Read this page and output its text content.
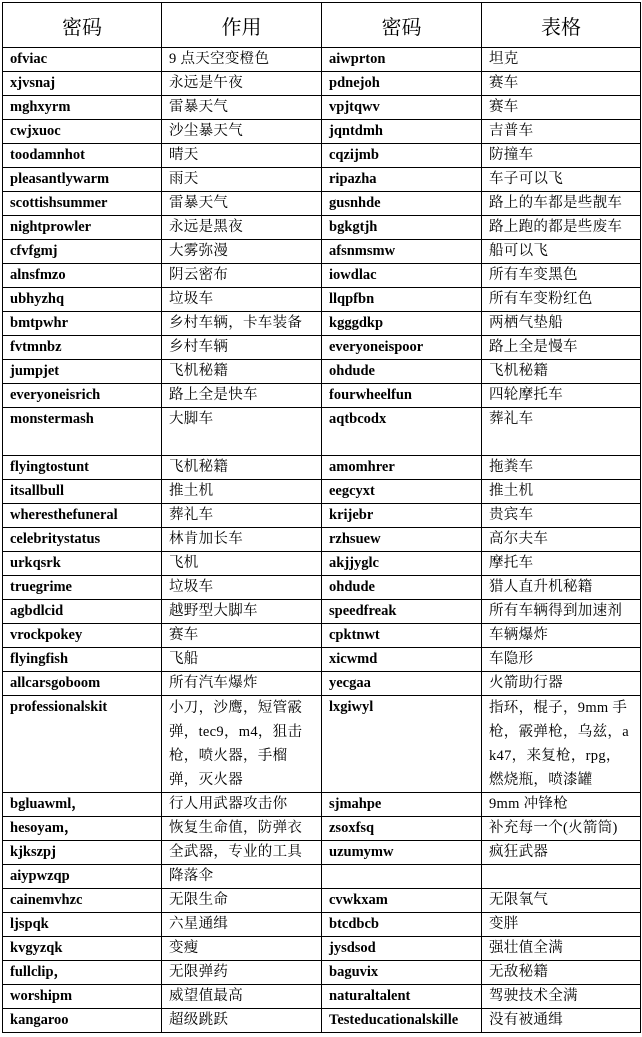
密码	作用	密码	表格
ofviac	9 点天空变橙色	aiwprton	坦克
xjvsnaj	永远是午夜	pdnejoh	赛车
mghxyrm	雷暴天气	vpjtqwv	赛车
cwjxuoc	沙尘暴天气	jqntdmh	吉普车
toodamnhot	晴天	cqzijmb	防撞车
pleasantlywarm	雨天	ripazha	车子可以飞
scottishsummer	雷暴天气	gusnhde	路上的车都是些靓车
nightprowler	永远是黑夜	bgkgtjh	路上跑的都是些废车
cfvfgmj	大雾弥漫	afsnmsmw	船可以飞
alnsfmzo	阴云密布	iowdlac	所有车变黑色
ubhyzhq	垃圾车	llqpfbn	所有车变粉红色
bmtpwhr	乡村车辆，卡车装备	kgggdkp	两栖气垫船
fvtmnbz	乡村车辆	everyoneispoor	路上全是慢车
jumpjet	飞机秘籍	ohdude	飞机秘籍
everyoneisrich	路上全是快车	fourwheelfun	四轮摩托车
monstermash	大脚车	aqtbcodx	葬礼车
flyingtostunt	飞机秘籍	amomhrer	拖粪车
itsallbull	推土机	eegcyxt	推土机
wheresthefuneral	葬礼车	krijebr	贵宾车
celebritystatus	林肯加长车	rzhsuew	高尔夫车
urkqsrk	飞机	akjjyglc	摩托车
truegrime	垃圾车	ohdude	猎人直升机秘籍
agbdlcid	越野型大脚车	speedfreak	所有车辆得到加速剂
vrockpokey	赛车	cpktnwt	车辆爆炸
flyingfish	飞船	xicwmd	车隐形
allcarsgoboom	所有汽车爆炸	yecgaa	火箭助行器
professionalskit	小刀，沙鹰，短管霰弹，tec9，m4，狙击枪，喷火器，手榴弹，灭火器	lxgiwyl	指环，棍子，9mm 手枪，霰弹枪，乌兹，ak47，来复枪，rpg，燃烧瓶，喷漆罐
bgluawml，	行人用武器攻击你	sjmahpe	9mm 冲锋枪
hesoyam，	恢复生命值，防弹衣	zsoxfsq	补充每一个(火箭筒)
kjkszpj	全武器，专业的工具	uzumymw	疯狂武器
aiypwzqp	降落伞		
cainemvhzc	无限生命	cvwkxam	无限氧气
ljspqk	六星通缉	btcdbcb	变胖
kvgyzqk	变瘦	jysdsod	强壮值全满
fullclip，	无限弹药	baguvix	无敌秘籍
worshipm	威望值最高	naturaltalent	驾驶技术全满
kangaroo	超级跳跃	Testeducationalskille	没有被通缉
